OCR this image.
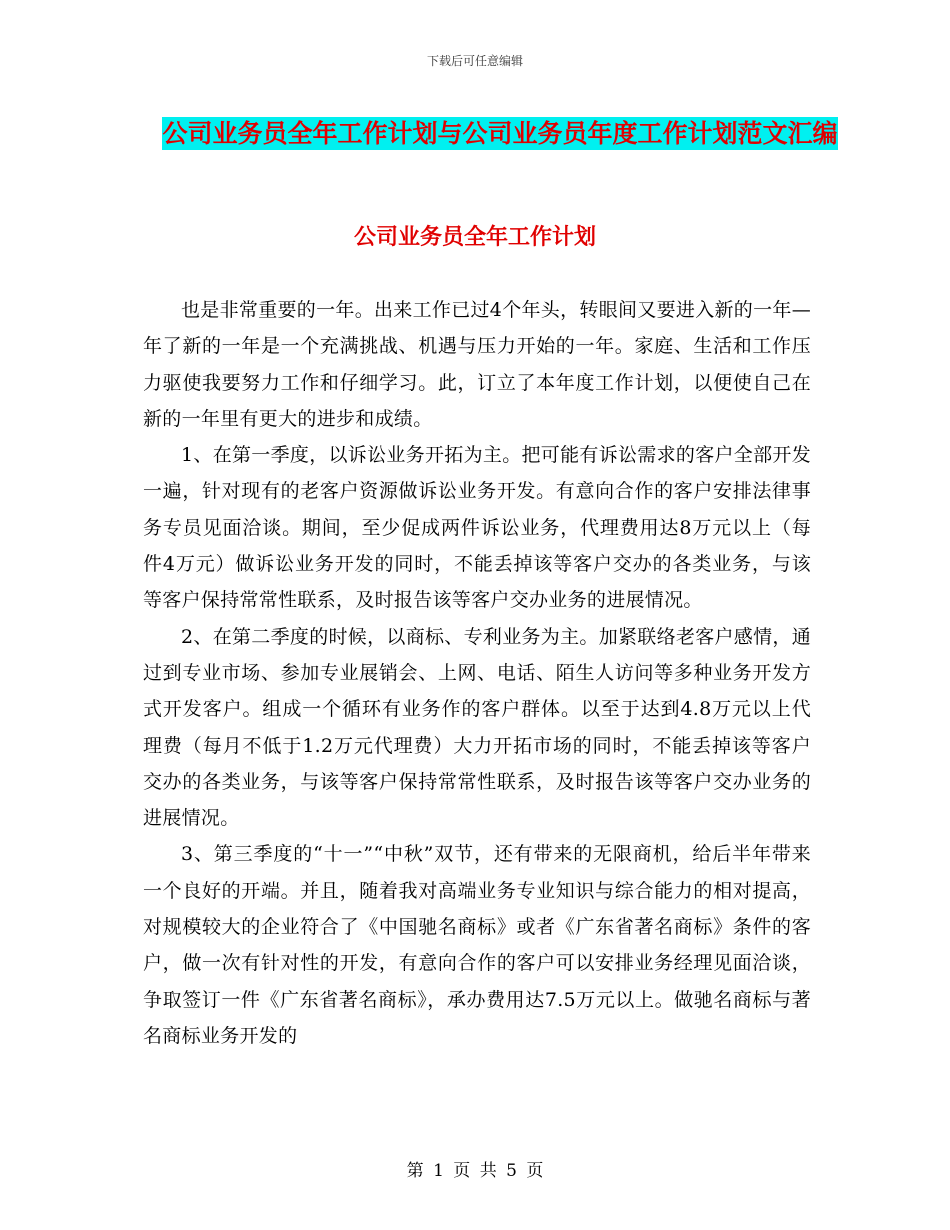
下载后可任意编辑
公司业务员全年工作计划与公司业务员年度工作计划范文汇编
公司业务员全年工作计划

也是非常重要的一年。出来工作已过4个年头，转眼间又要进入新的一年—年了新的一年是一个充满挑战、机遇与压力开始的一年。家庭、生活和工作压力驱使我要努力工作和仔细学习。此，订立了本年度工作计划，以便使自己在新的一年里有更大的进步和成绩。

1、在第一季度，以诉讼业务开拓为主。把可能有诉讼需求的客户全部开发一遍，针对现有的老客户资源做诉讼业务开发。有意向合作的客户安排法律事务专员见面洽谈。期间，至少促成两件诉讼业务，代理费用达8万元以上（每件4万元）做诉讼业务开发的同时，不能丢掉该等客户交办的各类业务，与该等客户保持常常性联系，及时报告该等客户交办业务的进展情况。

2、在第二季度的时候，以商标、专利业务为主。加紧联络老客户感情，通过到专业市场、参加专业展销会、上网、电话、陌生人访问等多种业务开发方式开发客户。组成一个循环有业务作的客户群体。以至于达到4.8万元以上代理费（每月不低于1.2万元代理费）大力开拓市场的同时，不能丢掉该等客户交办的各类业务，与该等客户保持常常性联系，及时报告该等客户交办业务的进展情况。

3、第三季度的“十一”“中秋”双节，还有带来的无限商机，给后半年带来一个良好的开端。并且，随着我对高端业务专业知识与综合能力的相对提高，对规模较大的企业符合了《中国驰名商标》或者《广东省著名商标》条件的客户，做一次有针对性的开发，有意向合作的客户可以安排业务经理见面洽谈，争取签订一件《广东省著名商标》，承办费用达7.5万元以上。做驰名商标与著名商标业务开发的

第 1 页 共 5 页
